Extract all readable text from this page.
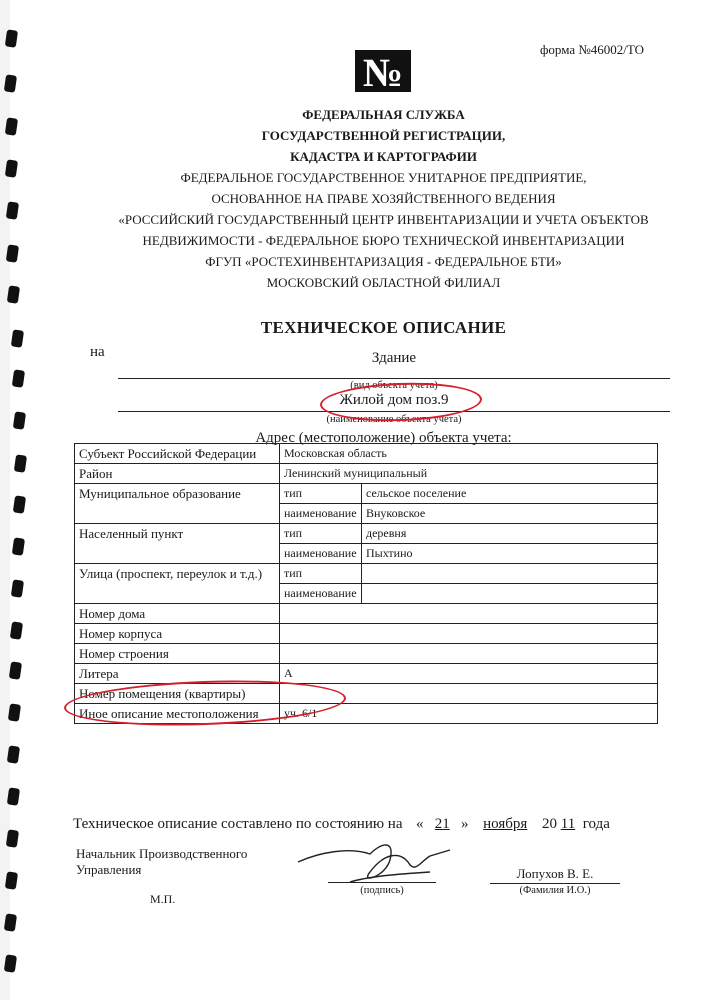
форма №46002/ТО
№
ФЕДЕРАЛЬНАЯ СЛУЖБА
ГОСУДАРСТВЕННОЙ РЕГИСТРАЦИИ,
КАДАСТРА И КАРТОГРАФИИ
ФЕДЕРАЛЬНОЕ ГОСУДАРСТВЕННОЕ УНИТАРНОЕ ПРЕДПРИЯТИЕ,
ОСНОВАННОЕ НА ПРАВЕ ХОЗЯЙСТВЕННОГО ВЕДЕНИЯ
«РОССИЙСКИЙ ГОСУДАРСТВЕННЫЙ ЦЕНТР ИНВЕНТАРИЗАЦИИ И УЧЕТА ОБЪЕКТОВ
НЕДВИЖИМОСТИ - ФЕДЕРАЛЬНОЕ БЮРО ТЕХНИЧЕСКОЙ ИНВЕНТАРИЗАЦИИ
ФГУП «РОСТЕХИНВЕНТАРИЗАЦИЯ - ФЕДЕРАЛЬНОЕ БТИ»
МОСКОВСКИЙ ОБЛАСТНОЙ ФИЛИАЛ
ТЕХНИЧЕСКОЕ ОПИСАНИЕ
на	Здание
(вид объекта учета)
Жилой дом поз.9
(наименование объекта учета)
Адрес (местоположение) объекта учета:
Субъект Российской Федерации	Московская область	
Район	Ленинский муниципальный	
Муниципальное образование	тип	сельское поселение
	наименование	Внуковское
Населенный пункт	тип	деревня
	наименование	Пыхтино
Улица (проспект, переулок и т.д.)	тип	
	наименование	
Номер дома		
Номер корпуса		
Номер строения		
Литера	А	
Номер помещения (квартиры)		
Иное описание местоположения	уч. 6/1	
Техническое описание составлено по состоянию на « 21 » ноября 20 11 года
Начальник Производственного
Управления
(подпись)
Лопухов В. Е.
(Фамилия И.О.)
М.П.
